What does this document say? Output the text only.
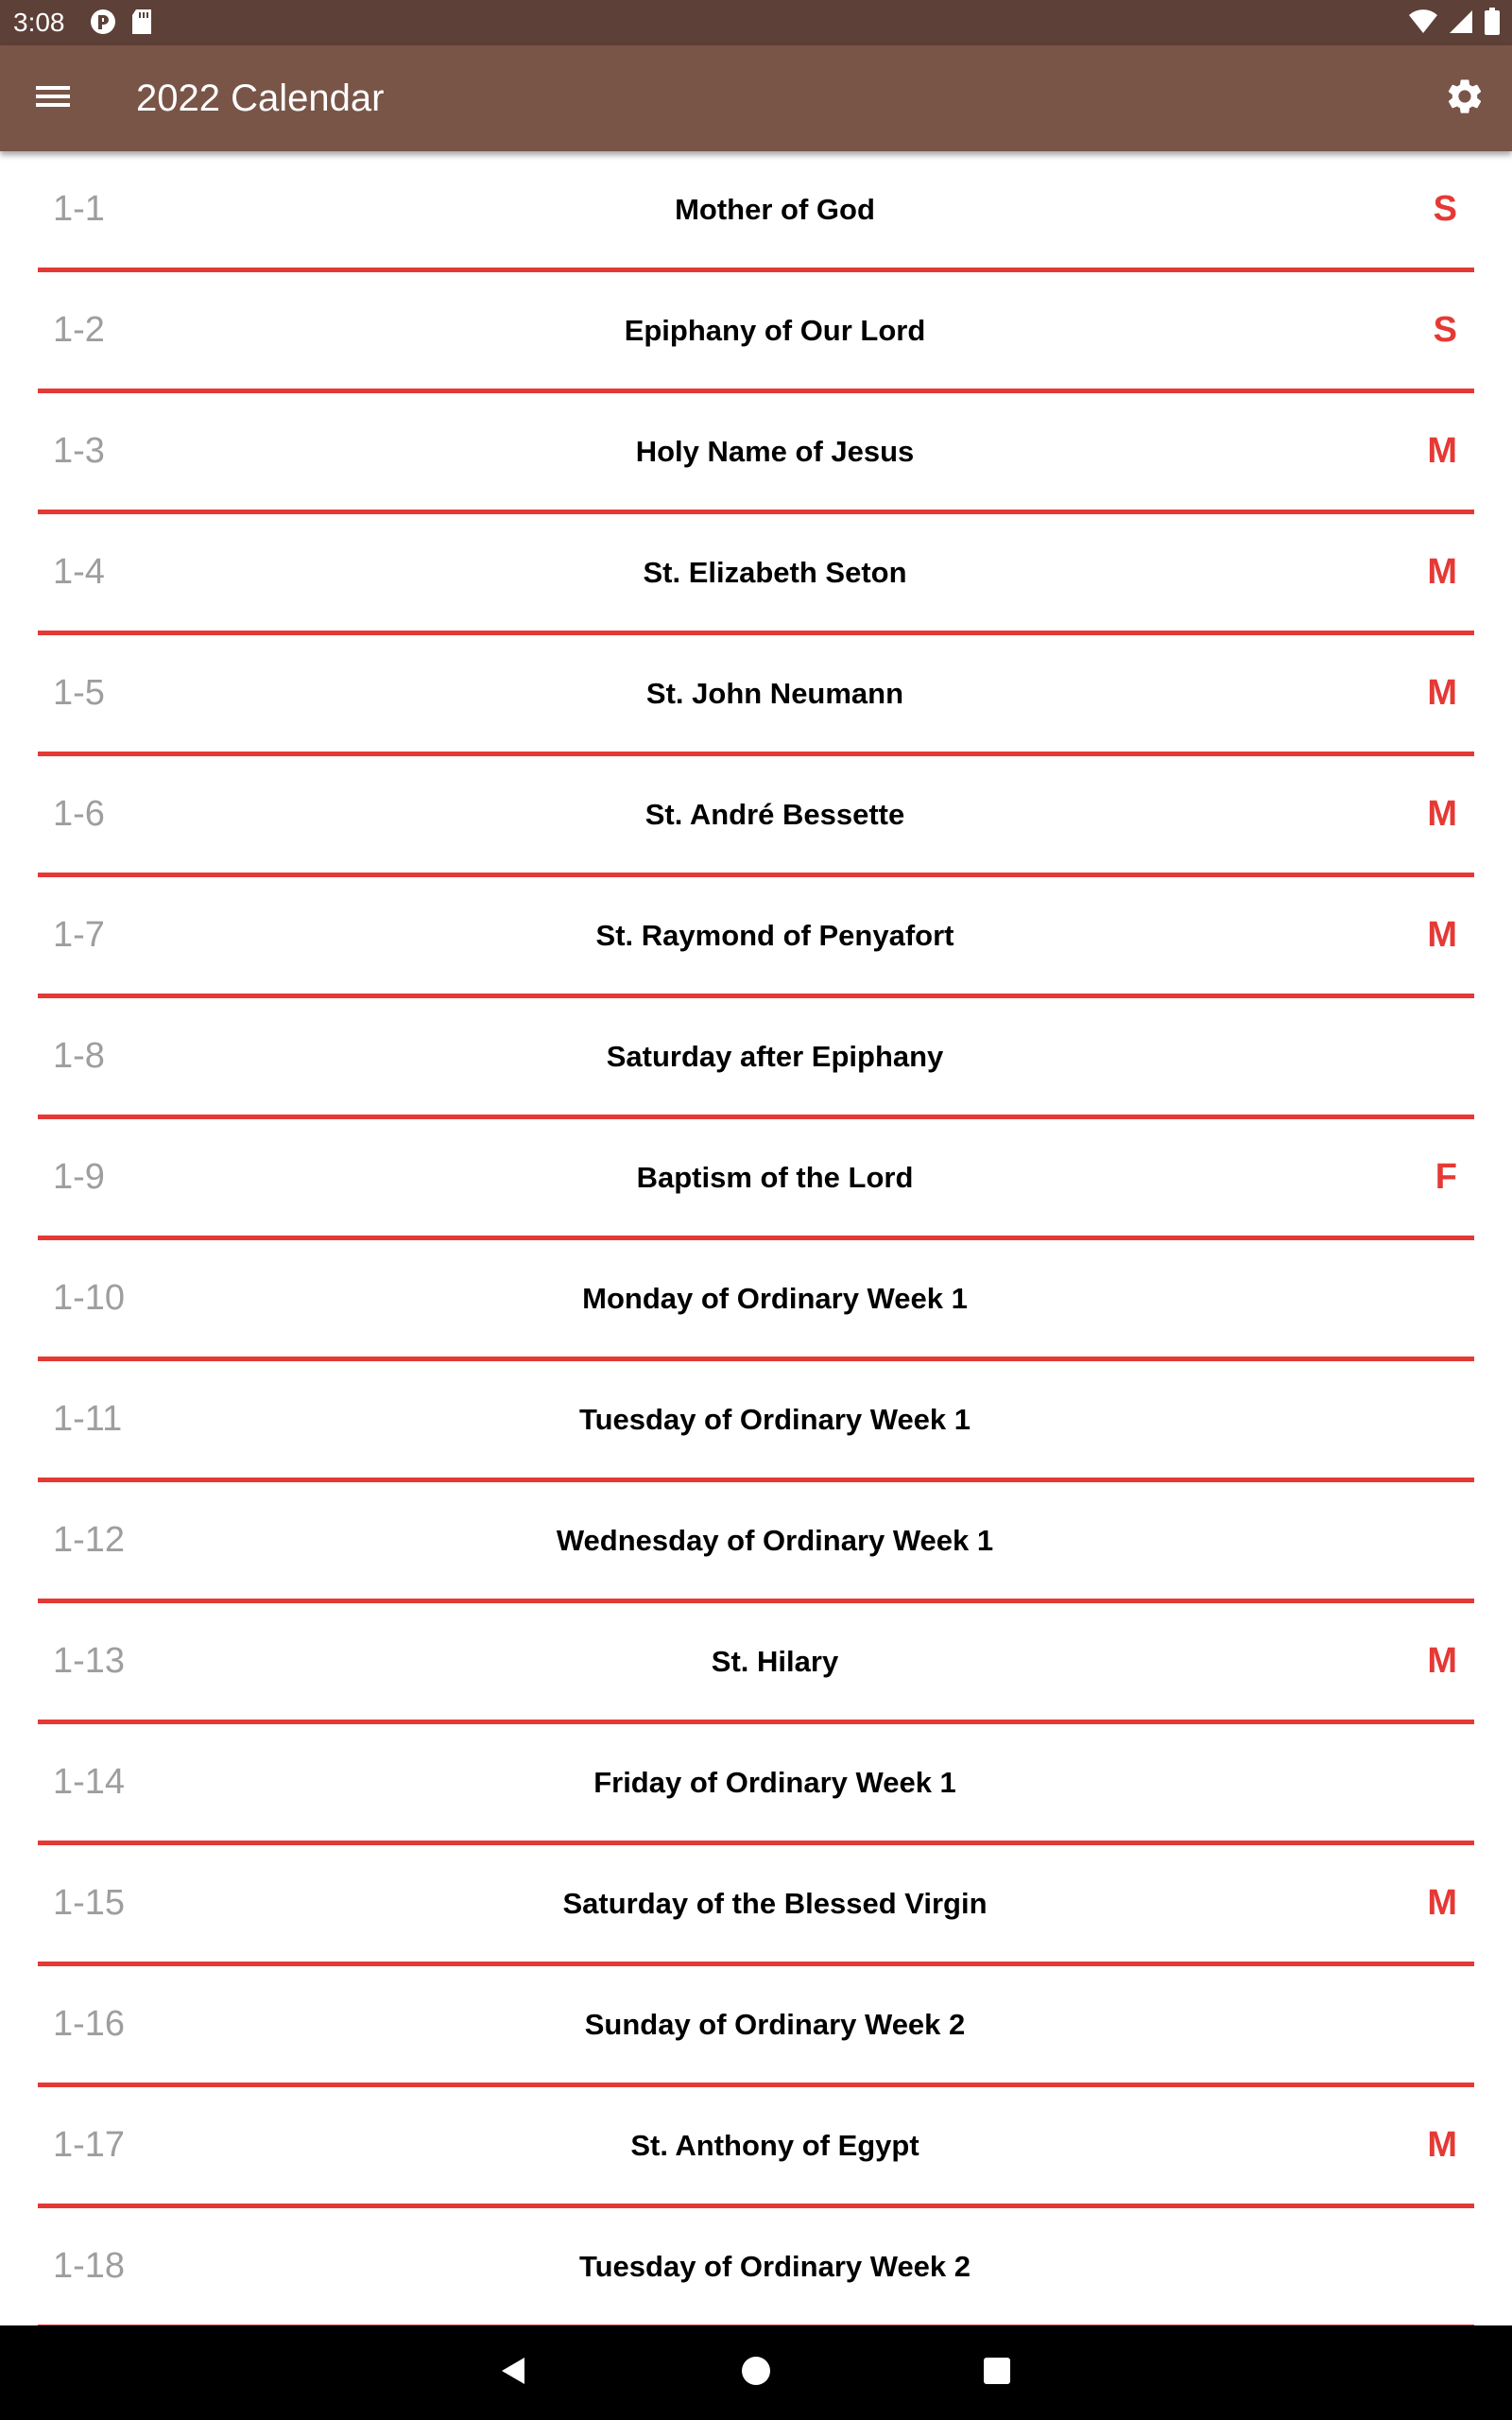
3:08
2022 Calendar
1-1	Mother of God	S
1-2	Epiphany of Our Lord	S
1-3	Holy Name of Jesus	M
1-4	St. Elizabeth Seton	M
1-5	St. John Neumann	M
1-6	St. André Bessette	M
1-7	St. Raymond of Penyafort	M
1-8	Saturday after Epiphany
1-9	Baptism of the Lord	F
1-10	Monday of Ordinary Week 1
1-11	Tuesday of Ordinary Week 1
1-12	Wednesday of Ordinary Week 1
1-13	St. Hilary	M
1-14	Friday of Ordinary Week 1
1-15	Saturday of the Blessed Virgin	M
1-16	Sunday of Ordinary Week 2
1-17	St. Anthony of Egypt	M
1-18	Tuesday of Ordinary Week 2
